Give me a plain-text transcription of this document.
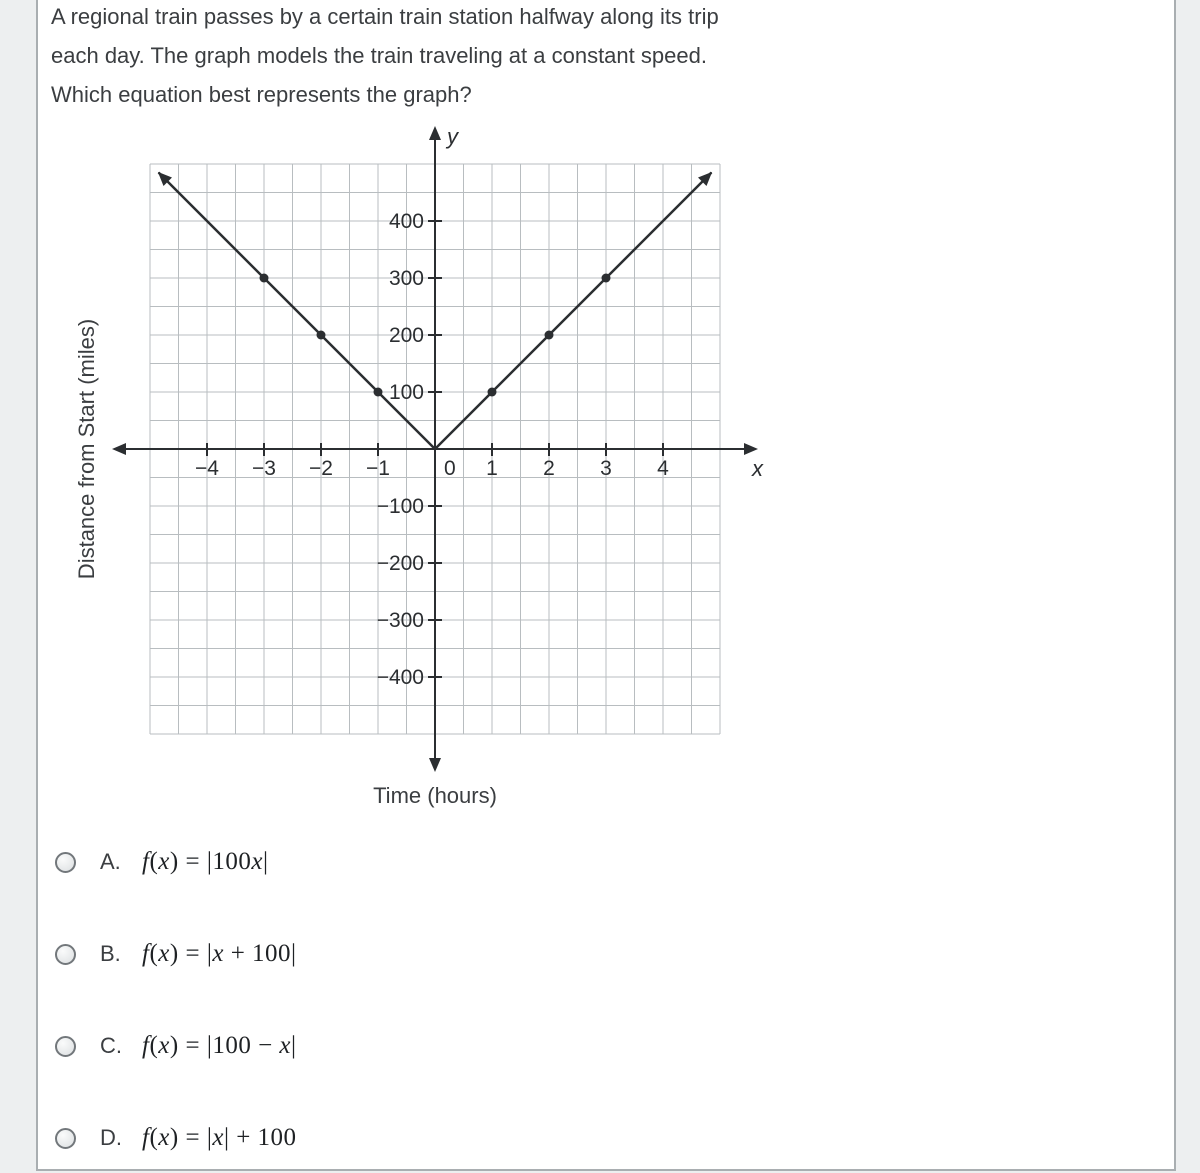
A regional train passes by a certain train station halfway along its trip each day. The graph models the train traveling at a constant speed. Which equation best represents the graph?
Distance from Start (miles)	−4 −3 −2 −1	1 2 3 4
400
300
200
100
−100
−200
−300
−400
0
y
x
Time (hours)
A. f(x) = |100x|
B. f(x) = |x + 100|
C. f(x) = |100 − x|
D. f(x) = |x| + 100
